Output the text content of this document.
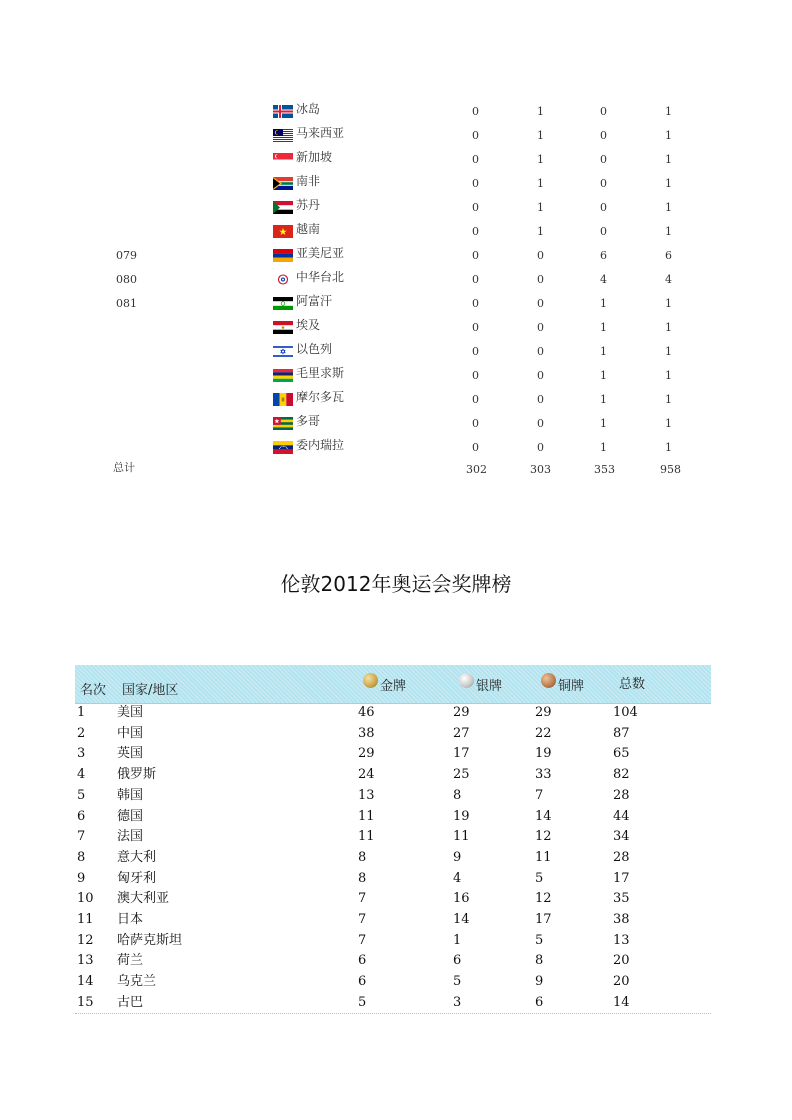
冰岛	0	1	0	1
马来西亚	0	1	0	1
新加坡	0	1	0	1
南非	0	1	0	1
苏丹	0	1	0	1
越南	0	1	0	1
079	亚美尼亚	0	0	6	6
080	中华台北	0	0	4	4
081	阿富汗	0	0	1	1
埃及	0	0	1	1
以色列	0	0	1	1
毛里求斯	0	0	1	1
摩尔多瓦	0	0	1	1
多哥	0	0	1	1
委内瑞拉	0	0	1	1
总计	302	303	353	958
伦敦2012年奥运会奖牌榜
名次 国家/地区	金牌	银牌	铜牌	总数
1 美国	46	29	29	104
2 中国	38	27	22	87
3 英国	29	17	19	65
4 俄罗斯	24	25	33	82
5 韩国	13	8	7	28
6 德国	11	19	14	44
7 法国	11	11	12	34
8 意大利	8	9	11	28
9 匈牙利	8	4	5	17
10 澳大利亚	7	16	12	35
11 日本	7	14	17	38
12 哈萨克斯坦	7	1	5	13
13 荷兰	6	6	8	20
14 乌克兰	6	5	9	20
15 古巴	5	3	6	14
